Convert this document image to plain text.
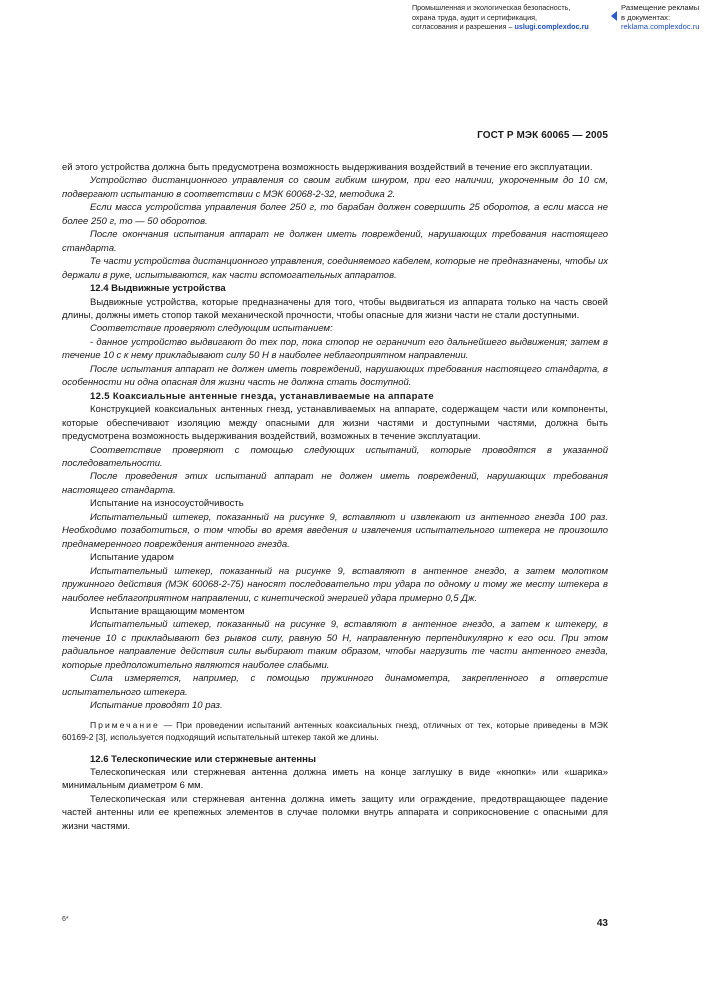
Промышленная и экологическая безопасность,
охрана труда, аудит и сертификация,
согласования и разрешения – uslugi.complexdoc.ru
Размещение рекламы
в документах:
reklama.complexdoc.ru
ГОСТ Р МЭК 60065 — 2005

ей этого устройства должна быть предусмотрена возможность выдерживания воздействий в течение его эксплуатации.

Устройство дистанционного управления со своим гибким шнуром, при его наличии, укороченным до 10 см, подвергают испытанию в соответствии с МЭК 60068-2-32, методика 2.

Если масса устройства управления более 250 г, то барабан должен совершить 25 оборотов, а если масса не более 250 г, то — 50 оборотов.

После окончания испытания аппарат не должен иметь повреждений, нарушающих требования настоящего стандарта.

Те части устройства дистанционного управления, соединяемого кабелем, которые не предназначены, чтобы их держали в руке, испытываются, как части вспомогательных аппаратов.

12.4 Выдвижные устройства

Выдвижные устройства, которые предназначены для того, чтобы выдвигаться из аппарата только на часть своей длины, должны иметь стопор такой механической прочности, чтобы опасные для жизни части не стали доступными.

Соответствие проверяют следующим испытанием:

- данное устройство выдвигают до тех пор, пока стопор не ограничит его дальнейшего выдвижения; затем в течение 10 с к нему прикладывают силу 50 Н в наиболее неблагоприятном направлении.

После испытания аппарат не должен иметь повреждений, нарушающих требования настоящего стандарта, в особенности ни одна опасная для жизни часть не должна стать доступной.

12.5 Коаксиальные антенные гнезда, устанавливаемые на аппарате

Конструкцией коаксиальных антенных гнезд, устанавливаемых на аппарате, содержащем части или компоненты, которые обеспечивают изоляцию между опасными для жизни частями и доступными частями, должна быть предусмотрена возможность выдерживания воздействий, возможных в течение эксплуатации.

Соответствие проверяют с помощью следующих испытаний, которые проводятся в указанной последовательности.

После проведения этих испытаний аппарат не должен иметь повреждений, нарушающих требования настоящего стандарта.

Испытание на износоустойчивость

Испытательный штекер, показанный на рисунке 9, вставляют и извлекают из антенного гнезда 100 раз. Необходимо позаботиться, о том чтобы во время введения и извлечения испытательного штекера не произошло преднамеренного повреждения антенного гнезда.

Испытание ударом

Испытательный штекер, показанный на рисунке 9, вставляют в антенное гнездо, а затем молотком пружинного действия (МЭК 60068-2-75) наносят последовательно три удара по одному и тому же месту штекера в наиболее неблагоприятном направлении, с кинетической энергией удара примерно 0,5 Дж.

Испытание вращающим моментом

Испытательный штекер, показанный на рисунке 9, вставляют в антенное гнездо, а затем к штекеру, в течение 10 с прикладывают без рывков силу, равную 50 Н, направленную перпендикулярно к его оси. При этом радиальное направление действия силы выбирают таким образом, чтобы нагрузить те части антенного гнезда, которые предположительно являются наиболее слабыми.

Сила измеряется, например, с помощью пружинного динамометра, закрепленного в отверстие испытательного штекера.

Испытание проводят 10 раз.

Примечание — При проведении испытаний антенных коаксиальных гнезд, отличных от тех, которые приведены в МЭК 60169-2 [3], используется подходящий испытательный штекер такой же длины.

12.6 Телескопические или стержневые антенны

Телескопическая или стержневая антенна должна иметь на конце заглушку в виде «кнопки» или «шарика» минимальным диаметром 6 мм.

Телескопическая или стержневая антенна должна иметь защиту или ограждение, предотвращающее падение частей антенны или ее крепежных элементов в случае поломки внутрь аппарата и соприкосновение с опасными для жизни частями.

6*	43
